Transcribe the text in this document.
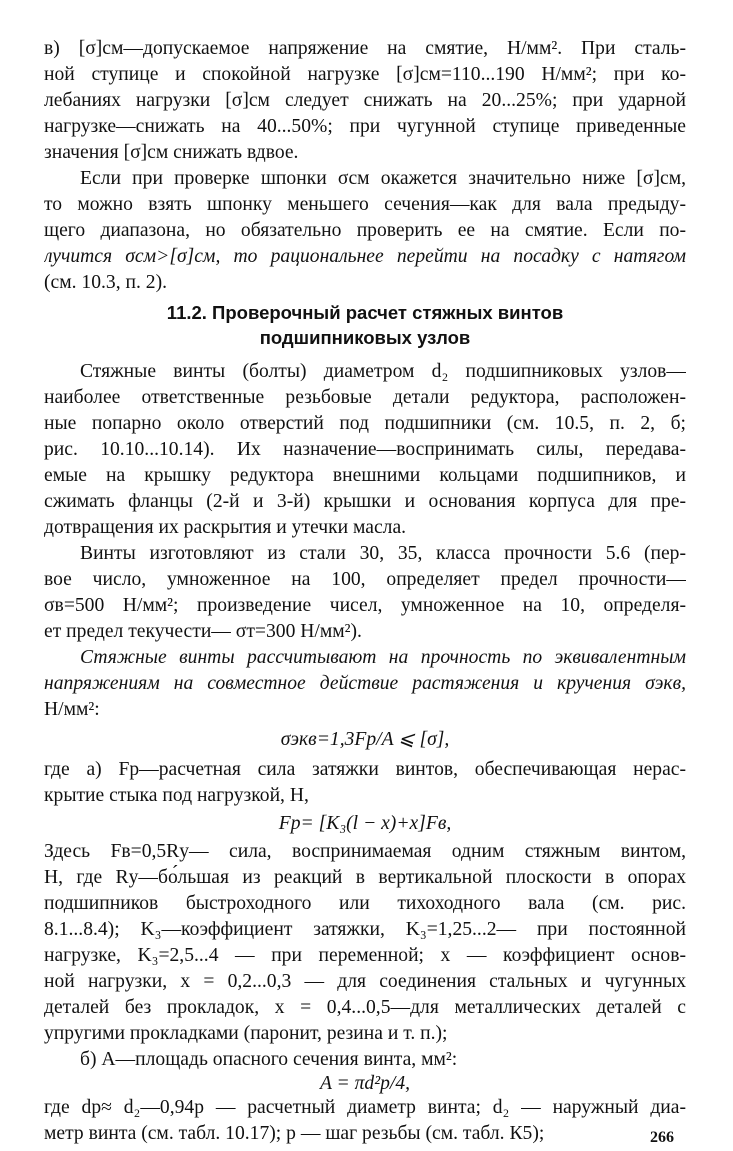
в) [σ]см—допускаемое напряжение на смятие, Н/мм². При сталь-
ной ступице и спокойной нагрузке [σ]см=110...190 Н/мм²; при ко-
лебаниях нагрузки [σ]см следует снижать на 20...25%; при ударной
нагрузке—снижать на 40...50%; при чугунной ступице приведенные
значения [σ]см снижать вдвое.
Если при проверке шпонки σсм окажется значительно ниже [σ]см,
то можно взять шпонку меньшего сечения—как для вала предыду-
щего диапазона, но обязательно проверить ее на смятие. Если по-
лучится σсм>[σ]см, то рациональнее перейти на посадку с натягом
(см. 10.3, п. 2).
11.2. Проверочный расчет стяжных винтов
подшипниковых узлов
Стяжные винты (болты) диаметром d₂ подшипниковых узлов—
наиболее ответственные резьбовые детали редуктора, расположен-
ные попарно около отверстий под подшипники (см. 10.5, п. 2, б;
рис. 10.10...10.14). Их назначение—воспринимать силы, передава-
емые на крышку редуктора внешними кольцами подшипников, и
сжимать фланцы (2-й и 3-й) крышки и основания корпуса для пре-
дотвращения их раскрытия и утечки масла.
Винты изготовляют из стали 30, 35, класса прочности 5.6 (пер-
вое число, умноженное на 100, определяет предел прочности—
σв=500 Н/мм²; произведение чисел, умноженное на 10, определя-
ет предел текучести— σт=300 Н/мм²).
Стяжные винты рассчитывают на прочность по эквивалентным
напряжениям на совместное действие растяжения и кручения σэкв,
Н/мм²:
σэкв=1,3Fр/A ⩽ [σ],
где а) Fр—расчетная сила затяжки винтов, обеспечивающая нерас-
крытие стыка под нагрузкой, Н,
Fр= [K₃(l − x)+x]Fв,
Здесь Fв=0,5Rу— сила, воспринимаемая одним стяжным винтом,
Н, где Rу—бо́льшая из реакций в вертикальной плоскости в опорах
подшипников быстроходного или тихоходного вала (см. рис.
8.1...8.4); K₃—коэффициент затяжки, K₃=1,25...2— при постоянной
нагрузке, K₃=2,5...4 — при переменной; x — коэффициент основ-
ной нагрузки, x = 0,2...0,3 — для соединения стальных и чугунных
деталей без прокладок, x = 0,4...0,5—для металлических деталей с
упругими прокладками (паронит, резина и т. п.);
б) A—площадь опасного сечения винта, мм²:
A = πd²р/4,
где dр≈ d₂—0,94p — расчетный диаметр винта; d₂ — наружный диа-
метр винта (см. табл. 10.17); p — шаг резьбы (см. табл. К5);	266
